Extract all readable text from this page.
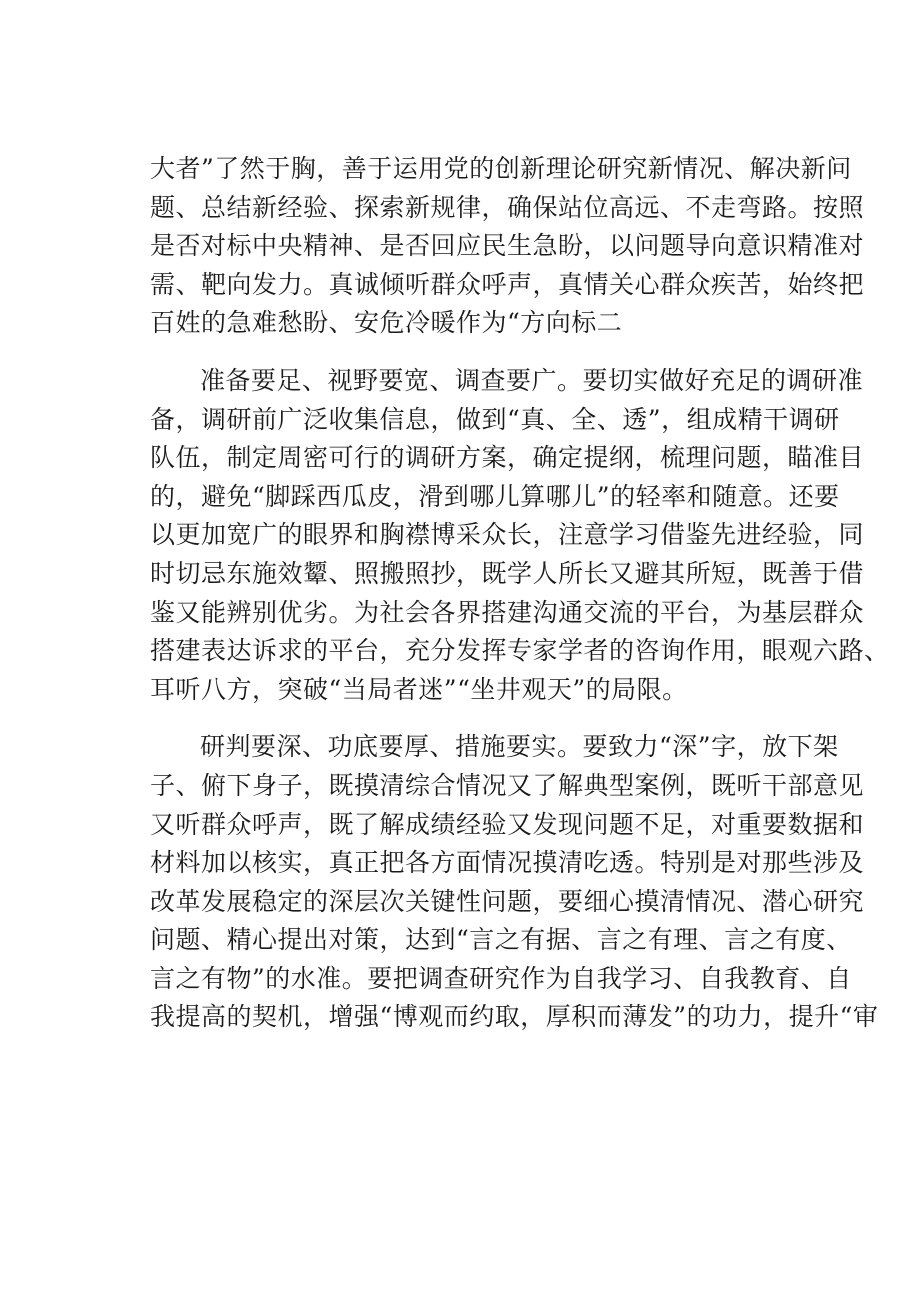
大者”了然于胸，善于运用党的创新理论研究新情况、解决新问
题、总结新经验、探索新规律，确保站位高远、不走弯路。按照
是否对标中央精神、是否回应民生急盼，以问题导向意识精准对
需、靶向发力。真诚倾听群众呼声，真情关心群众疾苦，始终把
百姓的急难愁盼、安危冷暖作为“方向标二
准备要足、视野要宽、调查要广。要切实做好充足的调研准
备，调研前广泛收集信息，做到“真、全、透”，组成精干调研
队伍，制定周密可行的调研方案，确定提纲，梳理问题，瞄准目
的，避免“脚踩西瓜皮，滑到哪儿算哪儿”的轻率和随意。还要
以更加宽广的眼界和胸襟博采众长，注意学习借鉴先进经验，同
时切忌东施效颦、照搬照抄，既学人所长又避其所短，既善于借
鉴又能辨别优劣。为社会各界搭建沟通交流的平台，为基层群众
搭建表达诉求的平台，充分发挥专家学者的咨询作用，眼观六路、
耳听八方，突破“当局者迷”“坐井观天”的局限。
研判要深、功底要厚、措施要实。要致力“深”字，放下架
子、俯下身子，既摸清综合情况又了解典型案例，既听干部意见
又听群众呼声，既了解成绩经验又发现问题不足，对重要数据和
材料加以核实，真正把各方面情况摸清吃透。特别是对那些涉及
改革发展稳定的深层次关键性问题，要细心摸清情况、潜心研究
问题、精心提出对策，达到“言之有据、言之有理、言之有度、
言之有物”的水准。要把调查研究作为自我学习、自我教育、自
我提高的契机，增强“博观而约取，厚积而薄发”的功力，提升“审
